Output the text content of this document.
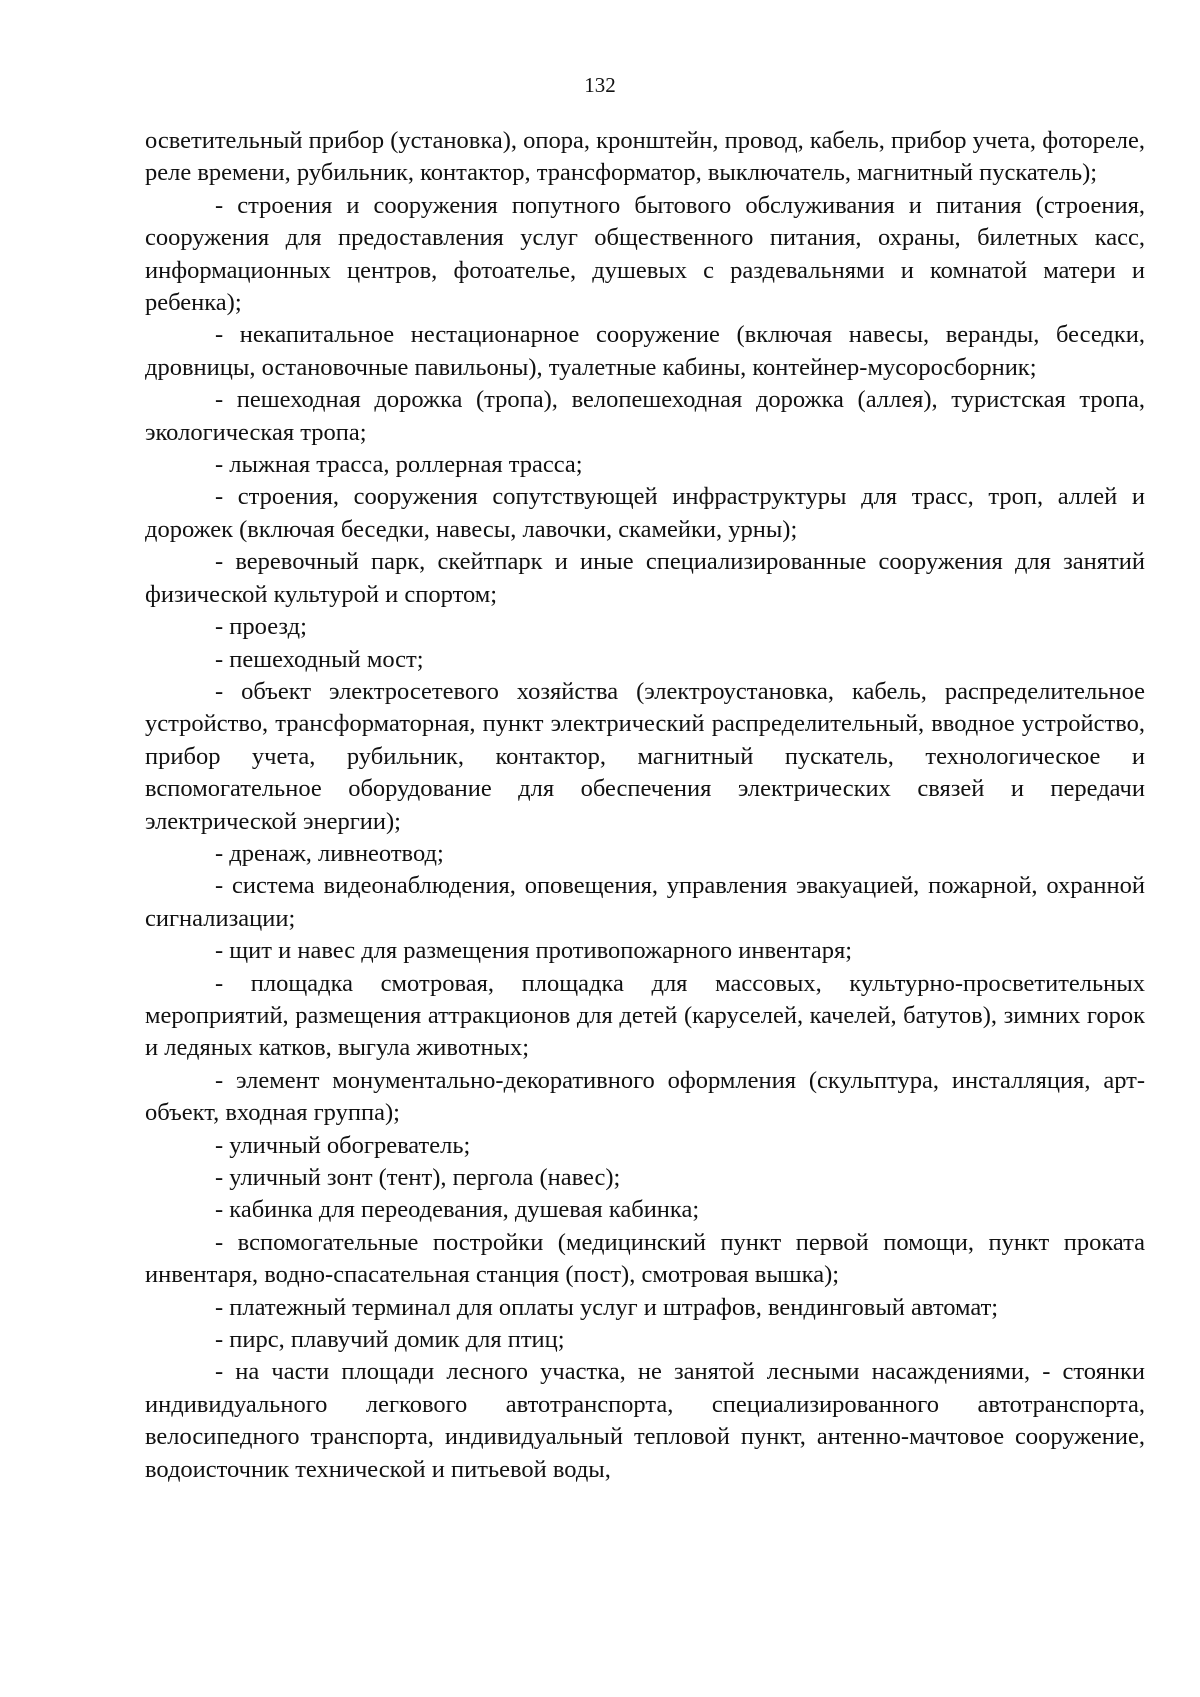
132

осветительный прибор (установка), опора, кронштейн, провод, кабель, прибор учета, фотореле, реле времени, рубильник, контактор, трансформатор, выключатель, магнитный пускатель);

- строения и сооружения попутного бытового обслуживания и питания (строения, сооружения для предоставления услуг общественного питания, охраны, билетных касс, информационных центров, фотоателье, душевых с раздевальнями и комнатой матери и ребенка);

- некапитальное нестационарное сооружение (включая навесы, веранды, беседки, дровницы, остановочные павильоны), туалетные кабины, контейнер-мусоросборник;

- пешеходная дорожка (тропа), велопешеходная дорожка (аллея), туристская тропа, экологическая тропа;

- лыжная трасса, роллерная трасса;

- строения, сооружения сопутствующей инфраструктуры для трасс, троп, аллей и дорожек (включая беседки, навесы, лавочки, скамейки, урны);

- веревочный парк, скейтпарк и иные специализированные сооружения для занятий физической культурой и спортом;

- проезд;

- пешеходный мост;

- объект электросетевого хозяйства (электроустановка, кабель, распределительное устройство, трансформаторная, пункт электрический распределительный, вводное устройство, прибор учета, рубильник, контактор, магнитный пускатель, технологическое и вспомогательное оборудование для обеспечения электрических связей и передачи электрической энергии);

- дренаж, ливнеотвод;

- система видеонаблюдения, оповещения, управления эвакуацией, пожарной, охранной сигнализации;

- щит и навес для размещения противопожарного инвентаря;

- площадка смотровая, площадка для массовых, культурно-просветительных мероприятий, размещения аттракционов для детей (каруселей, качелей, батутов), зимних горок и ледяных катков, выгула животных;

- элемент монументально-декоративного оформления (скульптура, инсталляция, арт-объект, входная группа);

- уличный обогреватель;

- уличный зонт (тент), пергола (навес);

- кабинка для переодевания, душевая кабинка;

- вспомогательные постройки (медицинский пункт первой помощи, пункт проката инвентаря, водно-спасательная станция (пост), смотровая вышка);

- платежный терминал для оплаты услуг и штрафов, вендинговый автомат;

- пирс, плавучий домик для птиц;

- на части площади лесного участка, не занятой лесными насаждениями, - стоянки индивидуального легкового автотранспорта, специализированного автотранспорта, велосипедного транспорта, индивидуальный тепловой пункт, антенно-мачтовое сооружение, водоисточник технической и питьевой воды,
